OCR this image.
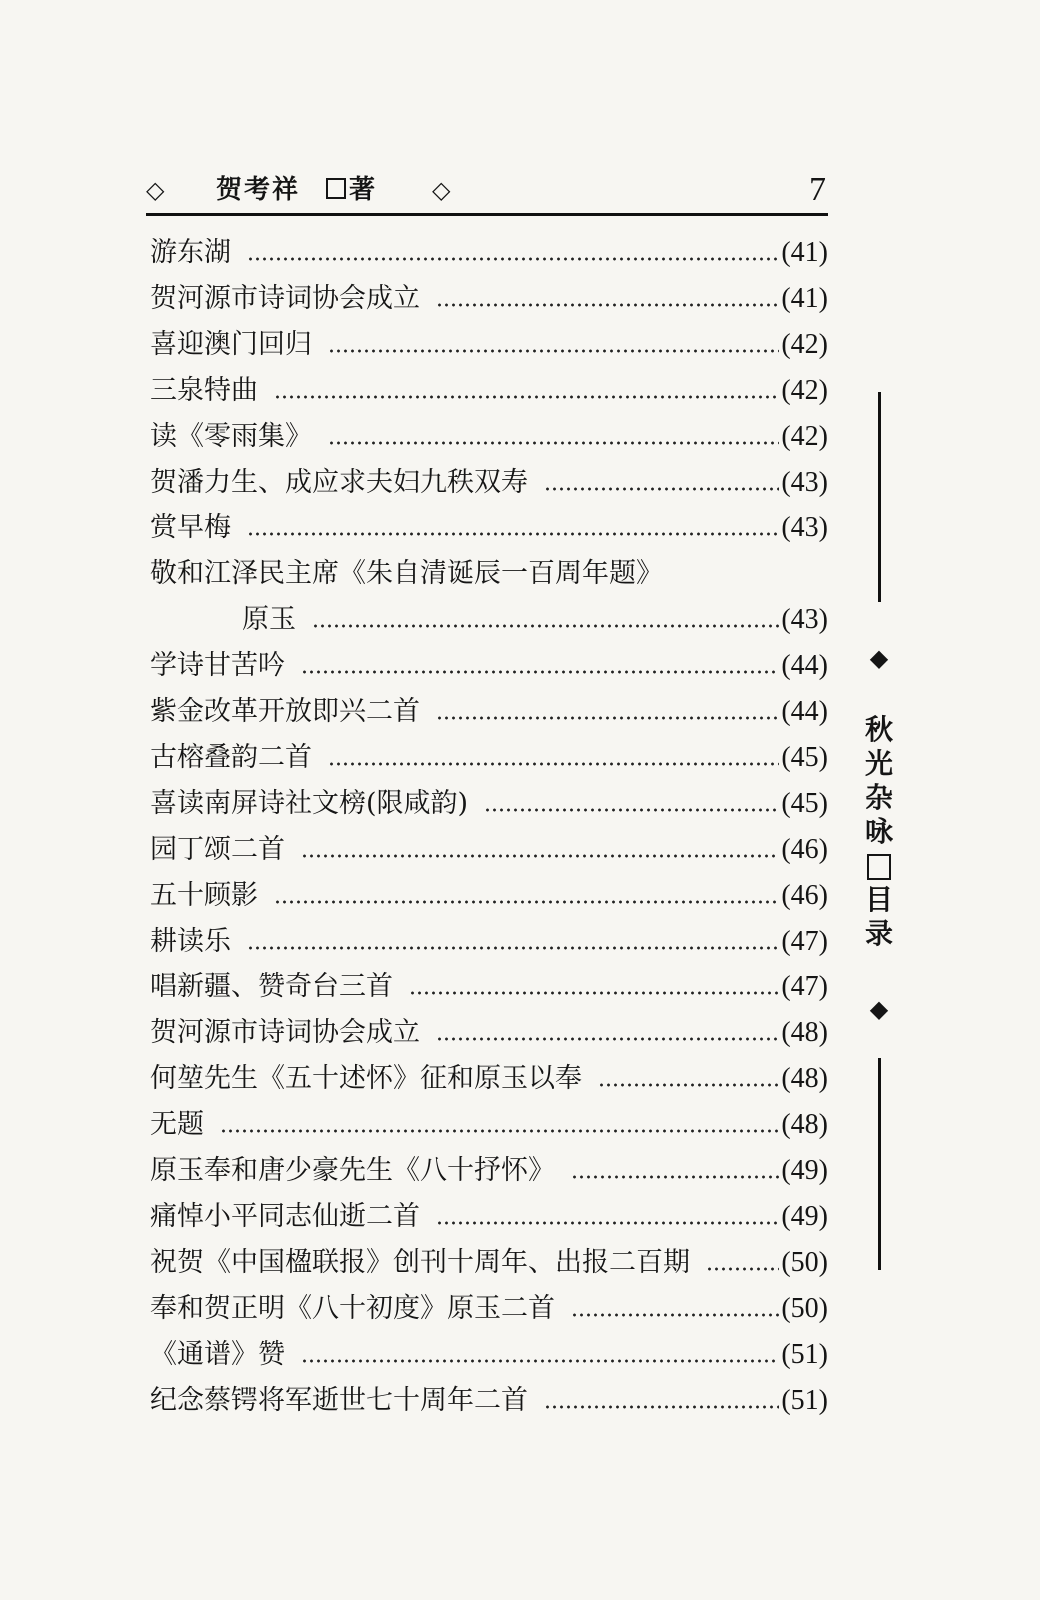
◇ 贺考祥 著 ◇	7
游东湖	(41)
贺河源市诗词协会成立	(41)
喜迎澳门回归	(42)
三泉特曲	(42)
读《零雨集》	(42)
贺潘力生、成应求夫妇九秩双寿	(43)
赏早梅	(43)
敬和江泽民主席《朱自清诞辰一百周年题》
原玉	(43)
学诗甘苦吟	(44)
紫金改革开放即兴二首	(44)
古榕叠韵二首	(45)
喜读南屏诗社文榜(限咸韵)	(45)
园丁颂二首	(46)
五十顾影	(46)
耕读乐	(47)
唱新疆、赞奇台三首	(47)
贺河源市诗词协会成立	(48)
何堃先生《五十述怀》征和原玉以奉	(48)
无题	(48)
原玉奉和唐少豪先生《八十抒怀》	(49)
痛悼小平同志仙逝二首	(49)
祝贺《中国楹联报》创刊十周年、出报二百期	(50)
奉和贺正明《八十初度》原玉二首	(50)
《通谱》赞	(51)
纪念蔡锷将军逝世七十周年二首	(51)
◆
秋
光
杂
咏
目
录
◆
